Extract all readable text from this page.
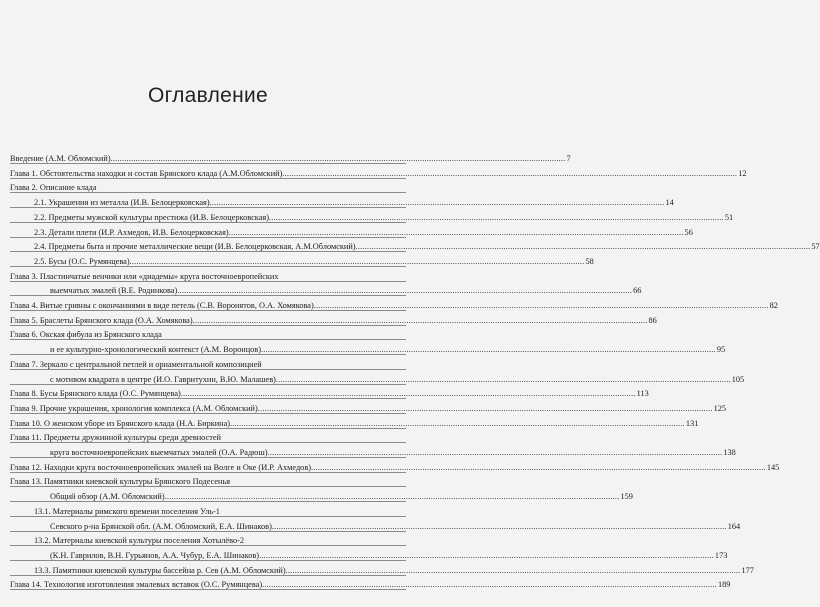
Оглавление
Введение (А.М. Обломский) ........................................................................................................................................................................................................ 7
Глава 1. Обстоятельства находки и состав Брянского клада (А.М.Обломский) ........................................................................................................................................................................................................ 12
Глава 2. Описание клада
2.1. Украшения из металла (И.В. Белоцерковская) ........................................................................................................................................................................................................ 14
2.2. Предметы мужской культуры престижа (И.В. Белоцерковская) ........................................................................................................................................................................................................ 51
2.3. Детали плети (И.Р. Ахмедов, И.В. Белоцерковская) ........................................................................................................................................................................................................ 56
2.4. Предметы быта и прочие металлические вещи (И.В. Белоцерковская, А.М.Обломский) ........................................................................................................................................................................................................ 57
2.5. Бусы (О.С. Румянцева) ........................................................................................................................................................................................................ 58
Глава 3. Пластинчатые венчики или «диадемы» круга восточноевропейских
выемчатых эмалей (В.Е. Родинкова) ........................................................................................................................................................................................................ 66
Глава 4. Витые гривны с окончаниями в виде петель (С.В. Воронятов, О.А. Хомякова) ........................................................................................................................................................................................................ 82
Глава 5. Браслеты Брянского клада (О.А. Хомякова) ........................................................................................................................................................................................................ 86
Глава 6. Окская фибула из Брянского клада
и ее культурно-хронологический контекст (А.М. Воронцов) ........................................................................................................................................................................................................ 95
Глава 7. Зеркало с центральной петлей и орнаментальной композицией
с мотивом квадрата в центре (И.О. Гавритухин, В.Ю. Малашев) ........................................................................................................................................................................................................ 105
Глава 8. Бусы Брянского клада (О.С. Румянцева) ........................................................................................................................................................................................................ 113
Глава 9. Прочие украшения, хронология комплекса (А.М. Обломский) ........................................................................................................................................................................................................ 125
Глава 10. О женском уборе из Брянского клада (Н.А. Биркина) ........................................................................................................................................................................................................ 131
Глава 11. Предметы дружинной культуры среди древностей
круга восточноевропейских выемчатых эмалей (О.А. Радюш) ........................................................................................................................................................................................................ 138
Глава 12. Находки круга восточноевропейских эмалей на Волге и Оке (И.Р. Ахмедов) ........................................................................................................................................................................................................ 145
Глава 13. Памятники киевской культуры Брянского Подесенья
Общий обзор (А.М. Обломский) ........................................................................................................................................................................................................ 159
13.1. Материалы римского времени поселения Уль-1
Севского р-на Брянской обл. (А.М. Обломский, Е.А. Шинаков) ........................................................................................................................................................................................................ 164
13.2. Материалы киевской культуры поселения Хотылёво-2
(К.Н. Гаврилов, В.Н. Гурьянов, А.А. Чубур, Е.А. Шинаков) ........................................................................................................................................................................................................ 173
13.3. Памятники киевской культуры бассейна р. Сев (А.М. Обломский) ........................................................................................................................................................................................................ 177
Глава 14. Технология изготовления эмалевых вставок (О.С. Румянцева) ........................................................................................................................................................................................................ 189
